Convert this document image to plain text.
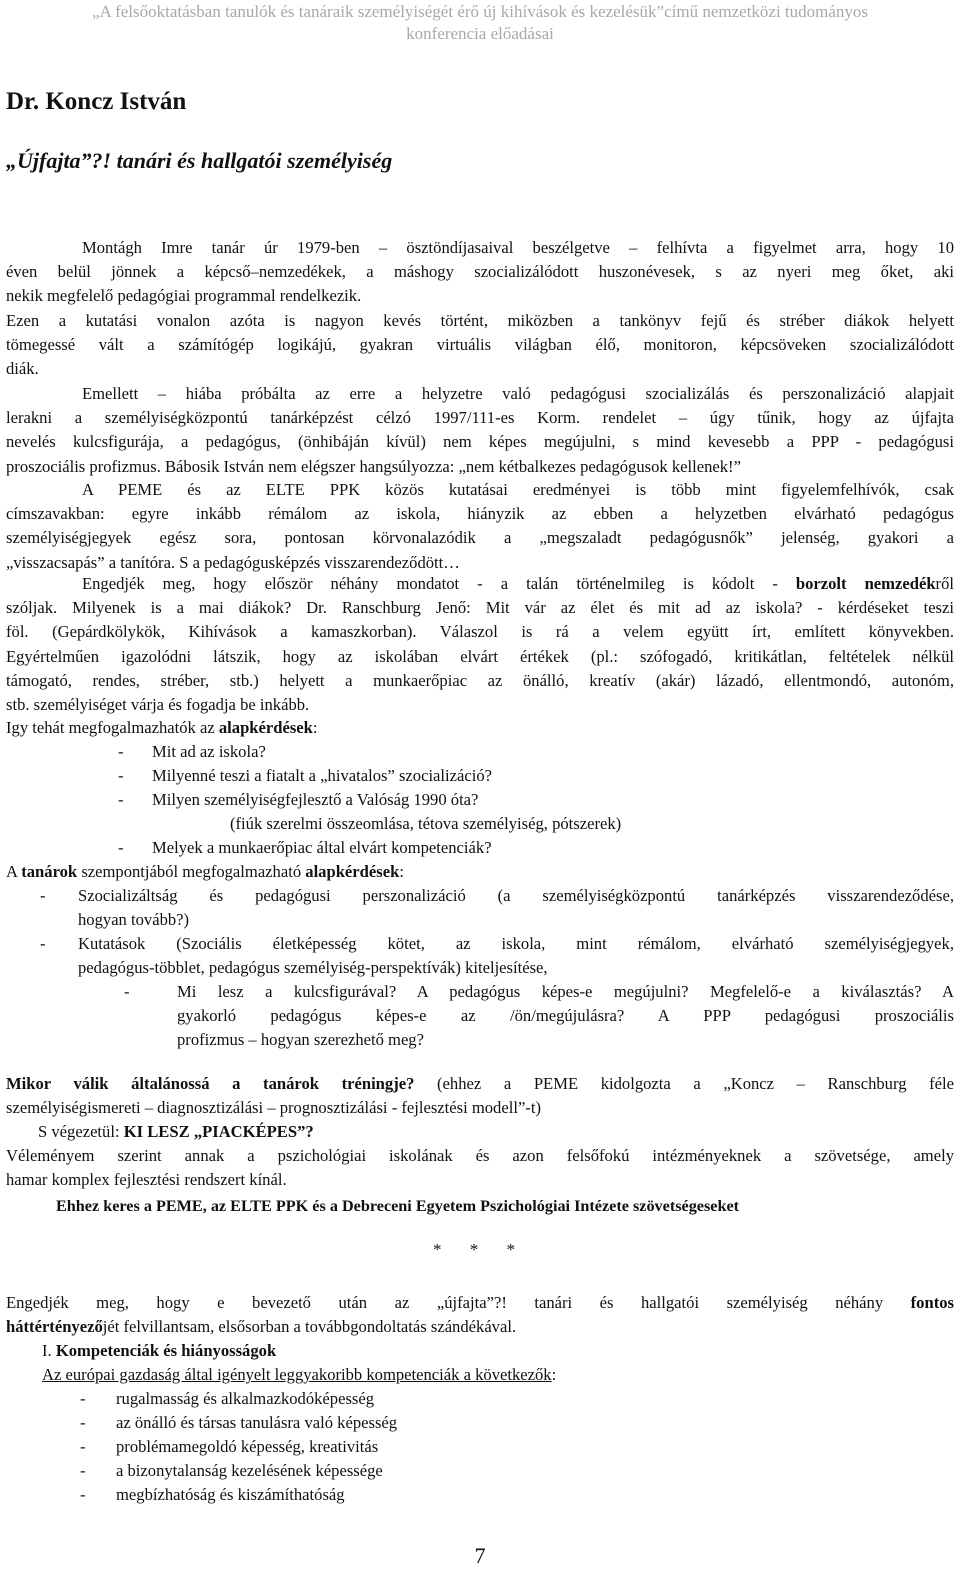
„A felsőoktatásban tanulók és tanáraik személyiségét érő új kihívások és kezelésük”című nemzetközi tudományos
konferencia előadásai
Dr. Koncz István
„Újfajta”?! tanári és hallgatói személyiség
Montágh Imre tanár úr 1979-ben – ösztöndíjasaival beszélgetve – felhívta a figyelmet arra, hogy 10
éven belül jönnek a képcső–nemzedékek, a máshogy szocializálódott huszonévesek, s az nyeri meg őket, aki
nekik megfelelő pedagógiai programmal rendelkezik.
Ezen a kutatási vonalon azóta is nagyon kevés történt, miközben a tankönyv fejű és stréber diákok helyett
tömegessé vált a számítógép logikájú, gyakran virtuális világban élő, monitoron, képcsöveken szocializálódott
diák.
Emellett – hiába próbálta az erre a helyzetre való pedagógusi szocializálás és perszonalizáció alapjait
lerakni a személyiségközpontú tanárképzést célzó 1997/111-es Korm. rendelet – úgy tűnik, hogy az újfajta
nevelés kulcsfigurája, a pedagógus, (önhibáján kívül) nem képes megújulni, s mind kevesebb a PPP - pedagógusi
proszociális profizmus. Bábosik István nem elégszer hangsúlyozza: „nem kétbalkezes pedagógusok kellenek!”
A PEME és az ELTE PPK közös kutatásai eredményei is több mint figyelemfelhívók, csak
címszavakban: egyre inkább rémálom az iskola, hiányzik az ebben a helyzetben elvárható pedagógus
személyiségjegyek egész sora, pontosan körvonalazódik a „megszaladt pedagógusnők” jelenség, gyakori a
„visszacsapás” a tanítóra. S a pedagógusképzés visszarendeződött…
Engedjék meg, hogy először néhány mondatot - a talán történelmileg is kódolt - borzolt nemzedékről
szóljak. Milyenek is a mai diákok? Dr. Ranschburg Jenő: Mit vár az élet és mit ad az iskola? - kérdéseket teszi
föl. (Gepárdkölykök, Kihívások a kamaszkorban). Válaszol is rá a velem együtt írt, említett könyvekben.
Egyértelműen igazolódni látszik, hogy az iskolában elvárt értékek (pl.: szófogadó, kritikátlan, feltételek nélkül
támogató, rendes, stréber, stb.) helyett a munkaerőpiac az önálló, kreatív (akár) lázadó, ellentmondó, autonóm,
stb. személyiséget várja és fogadja be inkább.
Igy tehát megfogalmazhatók az alapkérdések:
- Mit ad az iskola?
- Milyenné teszi a fiatalt a „hivatalos” szocializáció?
- Milyen személyiségfejlesztő a Valóság 1990 óta?
(fiúk szerelmi összeomlása, tétova személyiség, pótszerek)
- Melyek a munkaerőpiac által elvárt kompetenciák?
A tanárok szempontjából megfogalmazható alapkérdések:
- Szocializáltság és pedagógusi perszonalizáció (a személyiségközpontú tanárképzés visszarendeződése,
hogyan tovább?)
- Kutatások (Szociális életképesség kötet, az iskola, mint rémálom, elvárható személyiségjegyek,
pedagógus-többlet, pedagógus személyiség-perspektívák) kiteljesítése,
-	Mi lesz a kulcsfigurával? A pedagógus képes-e megújulni? Megfelelő-e a kiválasztás? A
gyakorló pedagógus képes-e az /ön/megújulásra? A PPP pedagógusi proszociális
profizmus – hogyan szerezhető meg?
Mikor válik általánossá a tanárok tréningje? (ehhez a PEME kidolgozta a „Koncz – Ranschburg féle
személyiségismereti – diagnosztizálási – prognosztizálási - fejlesztési modell”-t)
S végezetül: KI LESZ „PIACKÉPES”?
Véleményem szerint annak a pszichológiai iskolának és azon felsőfokú intézményeknek a szövetsége, amely
hamar komplex fejlesztési rendszert kínál.
Ehhez keres a PEME, az ELTE PPK és a Debreceni Egyetem Pszichológiai Intézete szövetségeseket
* * *
Engedjék meg, hogy e bevezető után az „újfajta”?! tanári és hallgatói személyiség néhány fontos
háttértényezőjét felvillantsam, elsősorban a továbbgondoltatás szándékával.
I. Kompetenciák és hiányosságok
Az európai gazdaság által igényelt leggyakoribb kompetenciák a következők:
- rugalmasság és alkalmazkodóképesség
- az önálló és társas tanulásra való képesség
- problémamegoldó képesség, kreativitás
- a bizonytalanság kezelésének képessége
- megbízhatóság és kiszámíthatóság
7
